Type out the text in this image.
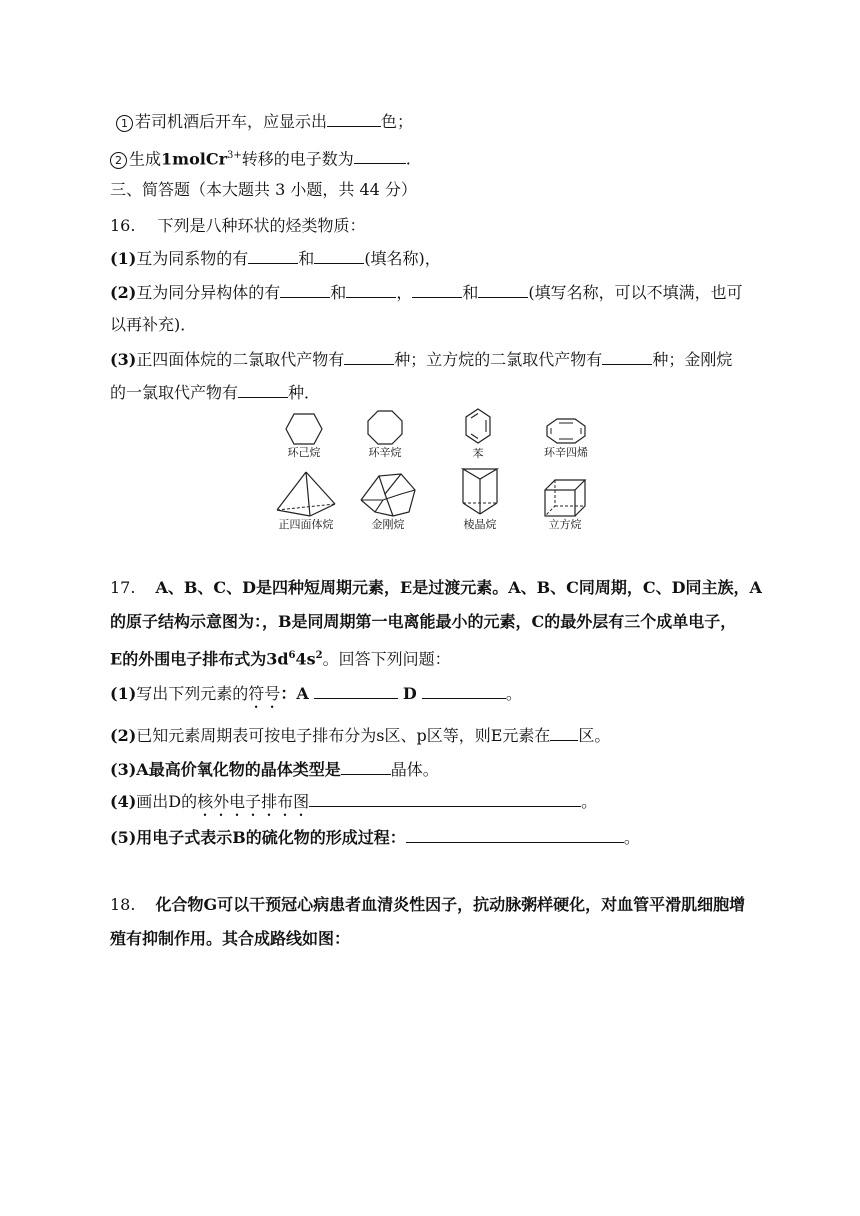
1 若司机酒后开车，应显示出	色；
2 生成1molCr$^{3+}$转移的电子数为	.
三、简答题（本大题共 3 小题，共 44 分）
16. 下列是八种环状的烃类物质：
(1)互为同系物的有	和	(填名称)，
(2)互为同分异构体的有	和	，	和	(填写名称，可以不填满，也可
以再补充)．
(3)正四面体烷的二氯取代产物有	种；立方烷的二氯取代产物有	种；金刚烷
的一氯取代产物有	种．
环己烷	环辛烷	苯	环辛四烯
正四面体烷	金刚烷	棱晶烷	立方烷
17. A、B、C、D是四种短周期元素，E是过渡元素。A、B、C同周期，C、D同主族，A
的原子结构示意图为：，B是同周期第一电离能最小的元素，C的最外层有三个成单电子，
E的外围电子排布式为$3d^64s^2$。回答下列问题：
(1)写出下列元素的符号：A	D	。
(2)已知元素周期表可按电子排布分为s区、p区等，则E元素在 区。
(3)A最高价氧化物的晶体类型是	晶体。
(4)画出D的核外电子排布图	。
(5)用电子式表示B的硫化物的形成过程：	。
18. 化合物G可以干预冠心病患者血清炎性因子，抗动脉粥样硬化，对血管平滑肌细胞增
殖有抑制作用。其合成路线如图：
